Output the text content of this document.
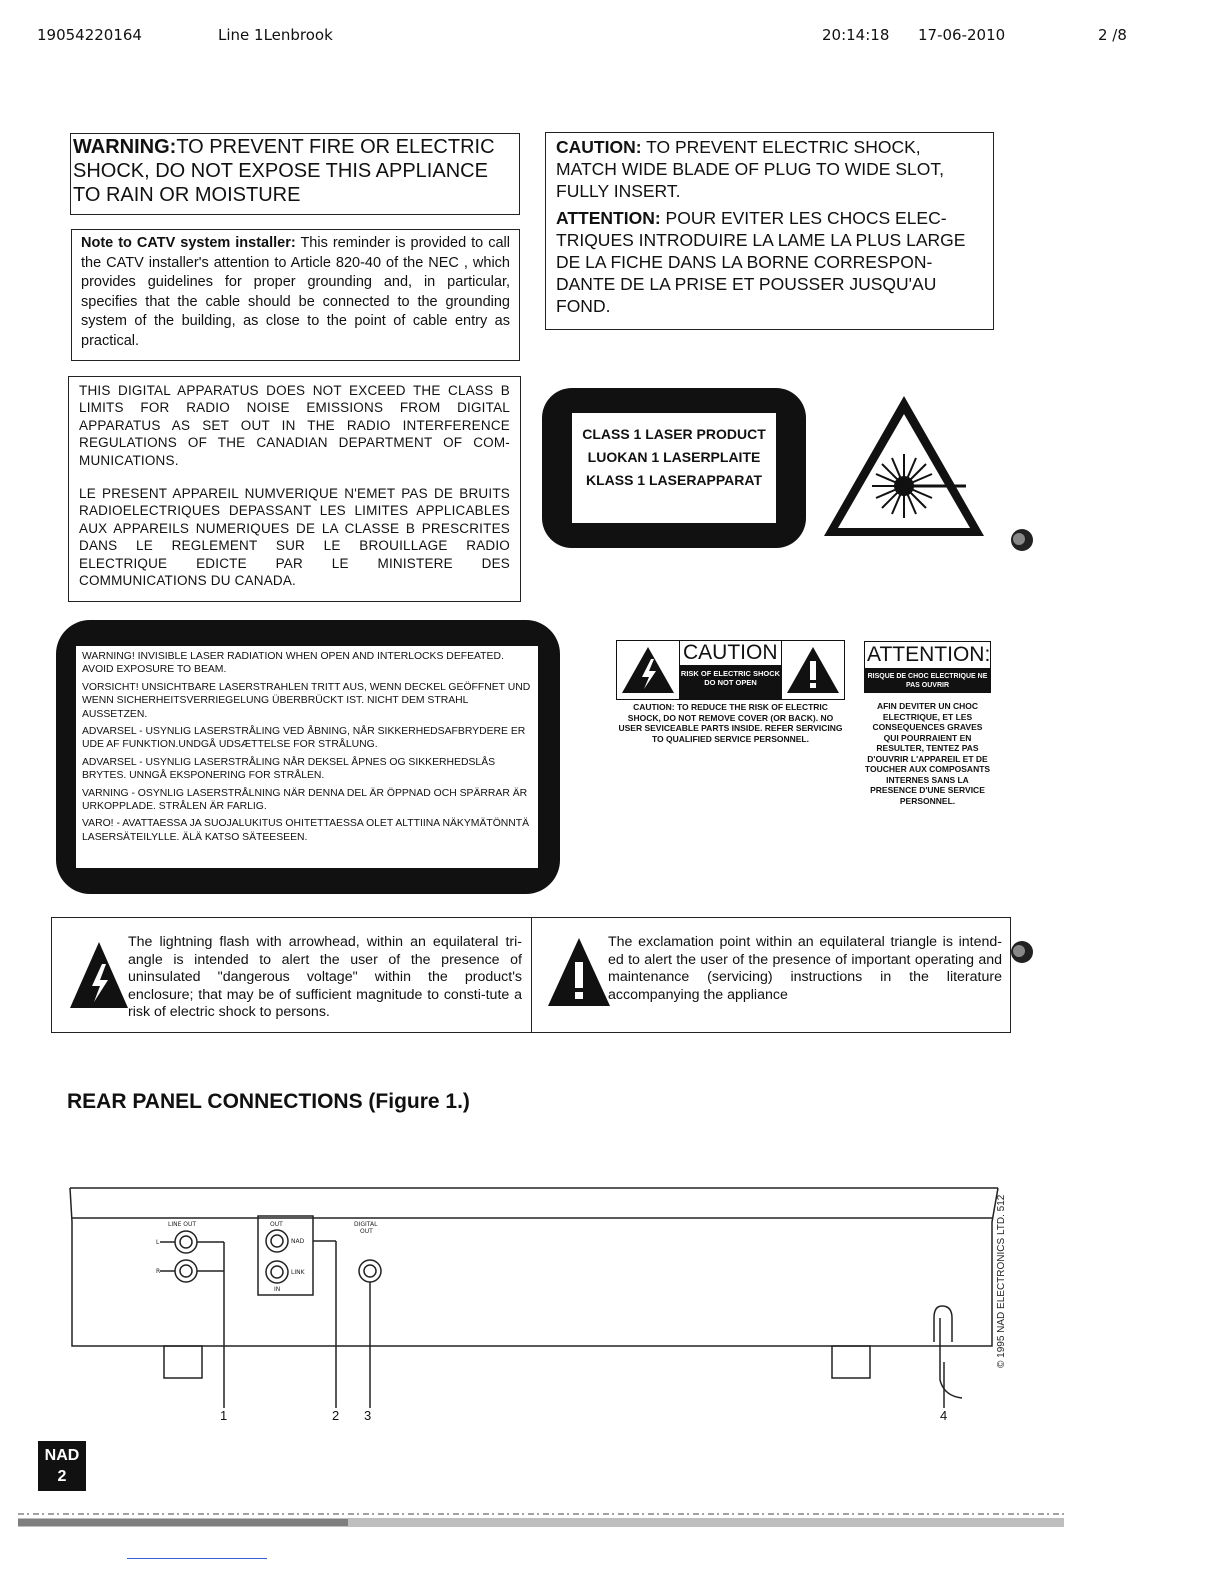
19054220164	Line 1Lenbrook	20:14:18 17-06-2010	2 /8
WARNING:TO PREVENT FIRE OR ELECTRIC SHOCK, DO NOT EXPOSE THIS APPLIANCE TO RAIN OR MOISTURE
Note to CATV system installer: This reminder is provided to call the CATV installer's attention to Article 820-40 of the NEC , which provides guidelines for proper grounding and, in particular, specifies that the cable should be connected to the grounding system of the building, as close to the point of cable entry as practical.

CAUTION: TO PREVENT ELECTRIC SHOCK, MATCH WIDE BLADE OF PLUG TO WIDE SLOT, FULLY INSERT.

ATTENTION: POUR EVITER LES CHOCS ELEC-TRIQUES INTRODUIRE LA LAME LA PLUS LARGE DE LA FICHE DANS LA BORNE CORRESPON-DANTE DE LA PRISE ET POUSSER JUSQU'AU FOND.

THIS DIGITAL APPARATUS DOES NOT EXCEED THE CLASS B LIMITS FOR RADIO NOISE EMISSIONS FROM DIGITAL APPARATUS AS SET OUT IN THE RADIO INTERFERENCE REGULATIONS OF THE CANADIAN DEPARTMENT OF COM-MUNICATIONS.

LE PRESENT APPAREIL NUMVERIQUE N'EMET PAS DE BRUITS RADIOELECTRIQUES DEPASSANT LES LIMITES APPLICABLES AUX APPAREILS NUMERIQUES DE LA CLASSE B PRESCRITES DANS LE REGLEMENT SUR LE BROUILLAGE RADIO ELECTRIQUE EDICTE PAR LE MINISTERE DES COMMUNICATIONS DU CANADA.

CLASS 1 LASER PRODUCT
LUOKAN 1 LASERPLAITE
KLASS 1 LASERAPPARAT

WARNING! INVISIBLE LASER RADIATION WHEN OPEN AND INTERLOCKS DEFEATED. AVOID EXPOSURE TO BEAM.

VORSICHT! UNSICHTBARE LASERSTRAHLEN TRITT AUS, WENN DECKEL GEÖFFNET UND WENN SICHERHEITSVERRIEGELUNG ÜBERBRÜCKT IST. NICHT DEM STRAHL AUSSETZEN.

ADVARSEL - USYNLIG LASERSTRÅLING VED ÅBNING, NÅR SIKKERHEDSAFBRYDERE ER UDE AF FUNKTION.UNDGÅ UDSÆTTELSE FOR STRÅLUNG.

ADVARSEL - USYNLIG LASERSTRÅLING NÅR DEKSEL ÅPNES OG SIKKERHEDSLÅS BRYTES. UNNGÅ EKSPONERING FOR STRÅLEN.

VARNING - OSYNLIG LASERSTRÅLNING NÄR DENNA DEL ÄR ÖPPNAD OCH SPÄRRAR ÄR URKOPPLADE. STRÅLEN ÄR FARLIG.

VARO! - AVATTAESSA JA SUOJALUKITUS OHITETTAESSA OLET ALTTIINA NÄKYMÄTÖNNTÄ LASERSÄTEILYLLE. ÄLÄ KATSO SÄTEESEEN.

CAUTION
RISK OF ELECTRIC SHOCK DO NOT OPEN
CAUTION: TO REDUCE THE RISK OF ELECTRIC SHOCK, DO NOT REMOVE COVER (OR BACK). NO USER SEVICEABLE PARTS INSIDE. REFER SERVICING TO QUALIFIED SERVICE PERSONNEL.
ATTENTION:
RISQUE DE CHOC ELECTRIQUE NE PAS OUVRIR
AFIN DEVITER UN CHOC ELECTRIQUE, ET LES CONSEQUENCES GRAVES QUI POURRAIENT EN RESULTER, TENTEZ PAS D'OUVRIR L'APPAREIL ET DE TOUCHER AUX COMPOSANTS INTERNES SANS LA PRESENCE D'UNE SERVICE PERSONNEL.
The lightning flash with arrowhead, within an equilateral tri-angle is intended to alert the user of the presence of uninsulated "dangerous voltage" within the product's enclosure; that may be of sufficient magnitude to consti-tute a risk of electric shock to persons.
The exclamation point within an equilateral triangle is intend-ed to alert the user of the presence of important operating and maintenance (servicing) instructions in the literature accompanying the appliance
REAR PANEL CONNECTIONS (Figure 1.)
LINE OUT
L
R
OUT
NAD
LINK
IN
DIGITAL
OUT
1	2 3	4
© 1995 NAD ELECTRONICS LTD. 512
NAD
2
